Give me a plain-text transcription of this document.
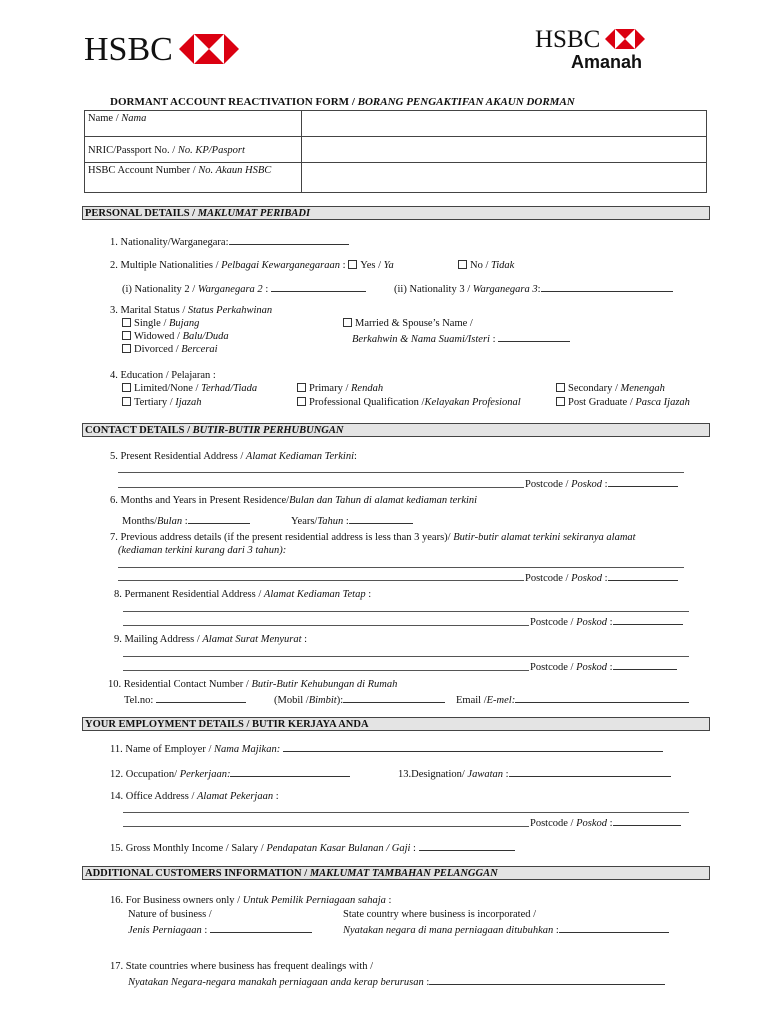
HSBC	HSBC
Amanah
DORMANT ACCOUNT REACTIVATION FORM / BORANG PENGAKTIFAN AKAUN DORMAN
Name / Nama	
NRIC/Passport No. / No. KP/Pasport	
HSBC Account Number / No. Akaun HSBC	
PERSONAL DETAILS / MAKLUMAT PERIBADI
1. Nationality/Warganegara:
2. Multiple Nationalities / Pelbagai Kewarganegaraan : Yes / Ya	No / Tidak
(i) Nationality 2 / Warganegara 2 :	(ii) Nationality 3 / Warganegara 3:
3. Marital Status / Status Perkahwinan
Single / Bujang
Widowed / Balu/Duda
Divorced / Bercerai
Married & Spouse’s Name /
Berkahwin & Nama Suami/Isteri :
4. Education / Pelajaran :
Limited/None / Terhad/Tiada
Tertiary / Ijazah
Primary / Rendah
Professional Qualification /Kelayakan Profesional
Secondary / Menengah
Post Graduate / Pasca Ijazah
CONTACT DETAILS / BUTIR-BUTIR PERHUBUNGAN
5. Present Residential Address / Alamat Kediaman Terkini:
Postcode / Poskod :
6. Months and Years in Present Residence/Bulan dan Tahun di alamat kediaman terkini
Months/Bulan :	Years/Tahun :
7. Previous address details (if the present residential address is less than 3 years)/ Butir-butir alamat terkini sekiranya alamat
(kediaman terkini kurang dari 3 tahun):
Postcode / Poskod :
8. Permanent Residential Address / Alamat Kediaman Tetap :
Postcode / Poskod :
9. Mailing Address / Alamat Surat Menyurat :
Postcode / Poskod :
10. Residential Contact Number / Butir-Butir Kehubungan di Rumah
Tel.no:	(Mobil /Bimbit):	Email /E-mel:
YOUR EMPLOYMENT DETAILS / BUTIR KERJAYA ANDA
11. Name of Employer / Nama Majikan:
12. Occupation/ Perkerjaan:	13.Designation/ Jawatan :
14. Office Address / Alamat Pekerjaan :
Postcode / Poskod :
15. Gross Monthly Income / Salary / Pendapatan Kasar Bulanan / Gaji :
ADDITIONAL CUSTOMERS INFORMATION / MAKLUMAT TAMBAHAN PELANGGAN
16. For Business owners only / Untuk Pemilik Perniagaan sahaja :
Nature of business /
Jenis Perniagaan :
State country where business is incorporated /
Nyatakan negara di mana perniagaan ditubuhkan :
17. State countries where business has frequent dealings with /
Nyatakan Negara-negara manakah perniagaan anda kerap berurusan :
